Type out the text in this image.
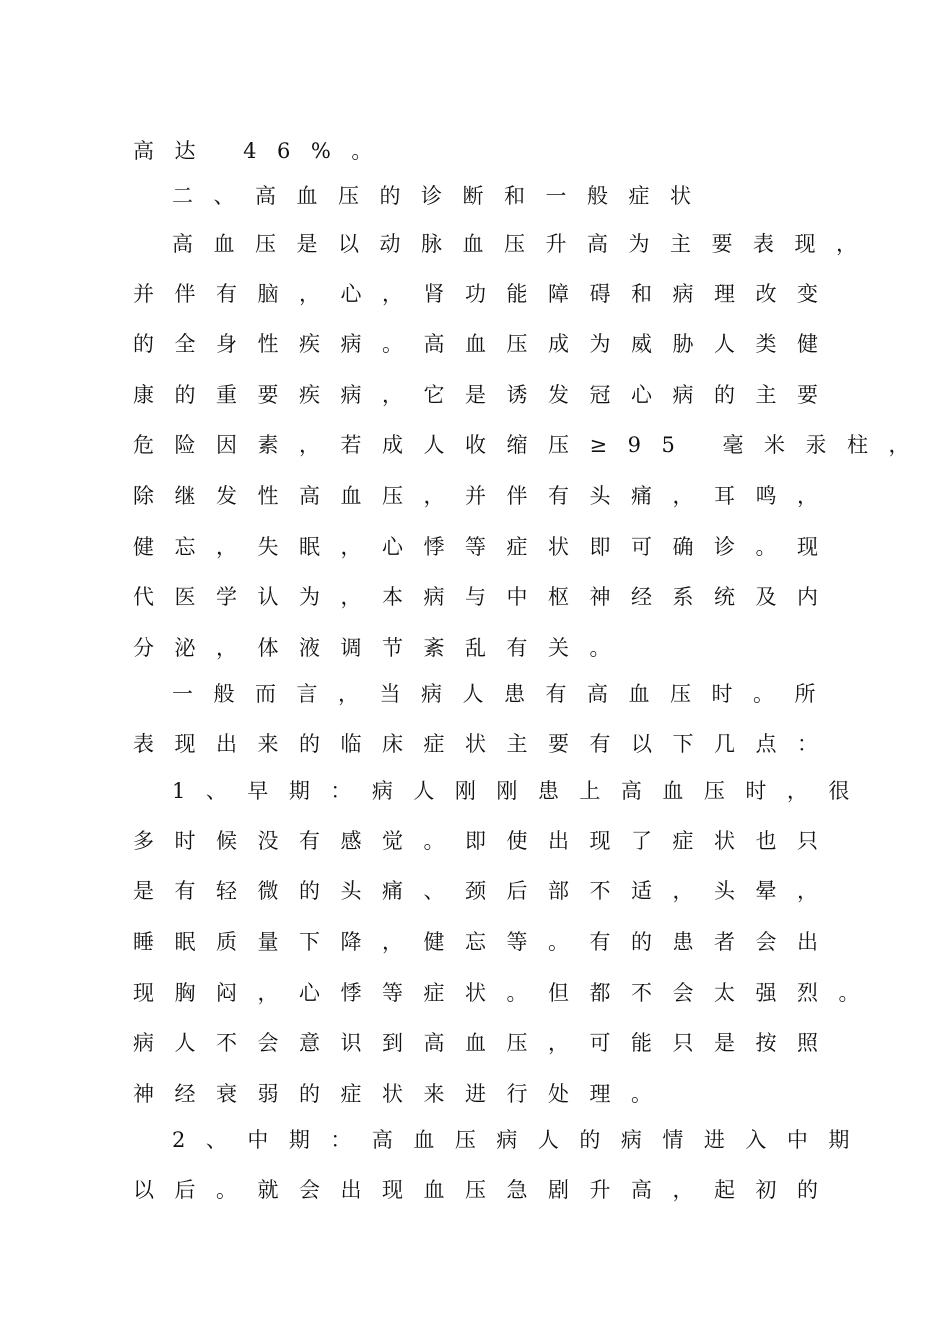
高达 46%。
二、高血压的诊断和一般症状
高血压是以动脉血压升高为主要表现，
并伴有脑，心，肾功能障碍和病理改变
的全身性疾病。高血压成为威胁人类健
康的重要疾病，它是诱发冠心病的主要
危险因素，若成人收缩压≥95 毫米汞柱，
除继发性高血压，并伴有头痛，耳鸣，
健忘，失眠，心悸等症状即可确诊。现
代医学认为，本病与中枢神经系统及内
分泌，体液调节紊乱有关。
一般而言，当病人患有高血压时。所
表现出来的临床症状主要有以下几点：
1、早期：病人刚刚患上高血压时，很
多时候没有感觉。即使出现了症状也只
是有轻微的头痛、颈后部不适，头晕，
睡眠质量下降，健忘等。有的患者会出
现胸闷，心悸等症状。但都不会太强烈。
病人不会意识到高血压，可能只是按照
神经衰弱的症状来进行处理。
2、中期：高血压病人的病情进入中期
以后。就会出现血压急剧升高，起初的
